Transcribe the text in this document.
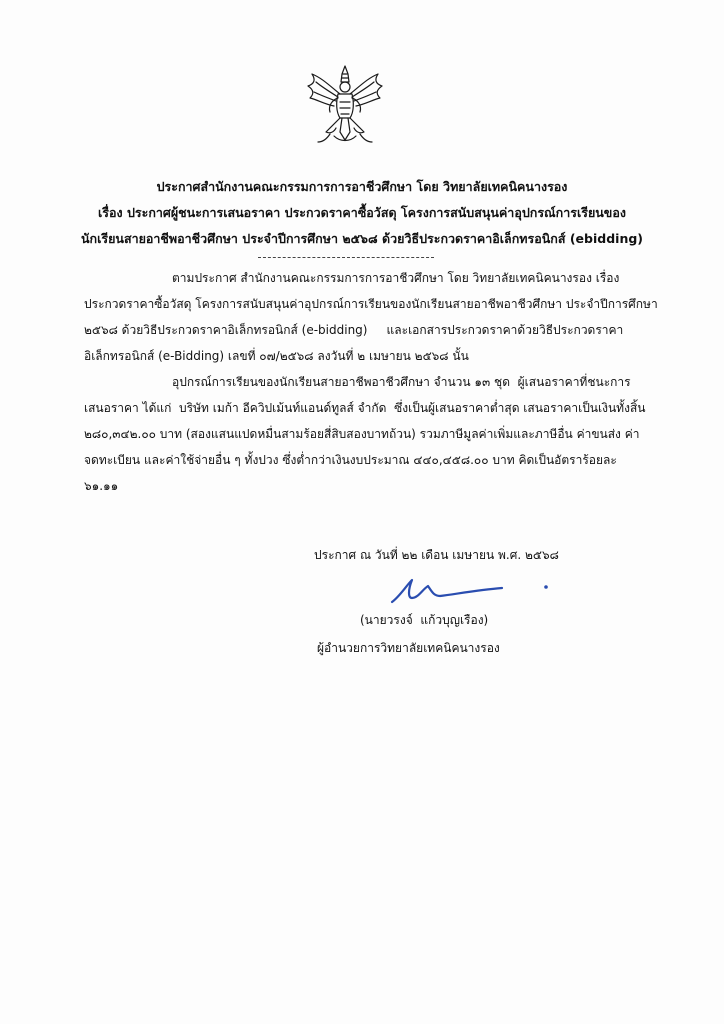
ประกาศสำนักงานคณะกรรมการการอาชีวศึกษา โดย วิทยาลัยเทคนิคนางรอง
เรื่อง ประกาศผู้ชนะการเสนอราคา ประกวดราคาซื้อวัสดุ โครงการสนับสนุนค่าอุปกรณ์การเรียนของ
นักเรียนสายอาชีพอาชีวศึกษา ประจำปีการศึกษา ๒๕๖๘ ด้วยวิธีประกวดราคาอิเล็กทรอนิกส์ (ebidding)
ตามประกาศ สำนักงานคณะกรรมการการอาชีวศึกษา โดย วิทยาลัยเทคนิคนางรอง เรื่อง
ประกวดราคาซื้อวัสดุ โครงการสนับสนุนค่าอุปกรณ์การเรียนของนักเรียนสายอาชีพอาชีวศึกษา ประจำปีการศึกษา
๒๕๖๘ ด้วยวิธีประกวดราคาอิเล็กทรอนิกส์ (e-bidding)     และเอกสารประกวดราคาด้วยวิธีประกวดราคา
อิเล็กทรอนิกส์ (e-Bidding) เลขที่ ๐๗/๒๕๖๘ ลงวันที่ ๒ เมษายน ๒๕๖๘ นั้น
อุปกรณ์การเรียนของนักเรียนสายอาชีพอาชีวศึกษา จำนวน ๑๓ ชุด  ผู้เสนอราคาที่ชนะการ
เสนอราคา ได้แก่  บริษัท เมก้า อีควิปเม้นท์แอนด์ทูลส์ จำกัด  ซึ่งเป็นผู้เสนอราคาต่ำสุด เสนอราคาเป็นเงินทั้งสิ้น
๒๘๐,๓๔๒.๐๐ บาท (สองแสนแปดหมื่นสามร้อยสี่สิบสองบาทถ้วน) รวมภาษีมูลค่าเพิ่มและภาษีอื่น ค่าขนส่ง ค่า
จดทะเบียน และค่าใช้จ่ายอื่น ๆ ทั้งปวง ซึ่งต่ำกว่าเงินงบประมาณ ๔๔๐,๔๕๘.๐๐ บาท คิดเป็นอัตราร้อยละ
๖๑.๑๑
ประกาศ ณ วันที่ ๒๒ เดือน เมษายน พ.ศ. ๒๕๖๘
(นายวรงจ์  แก้วบุญเรือง)
ผู้อำนวยการวิทยาลัยเทคนิคนางรอง
